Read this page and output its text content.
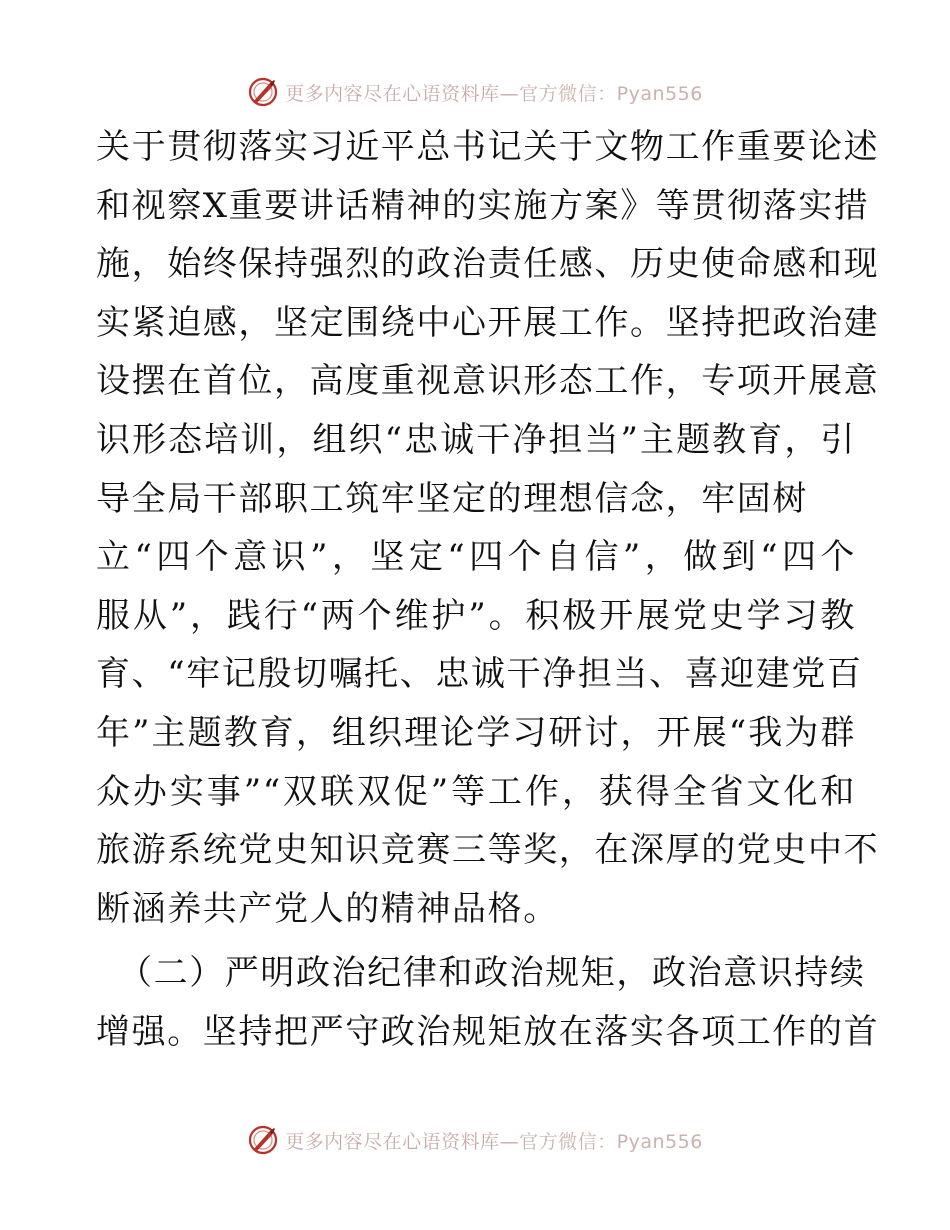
更多内容尽在心语资料库—官方微信：Pyan556
关于贯彻落实习近平总书记关于文物工作重要论述
和视察X重要讲话精神的实施方案》等贯彻落实措
施，始终保持强烈的政治责任感、历史使命感和现
实紧迫感，坚定围绕中心开展工作。坚持把政治建
设摆在首位，高度重视意识形态工作，专项开展意
识形态培训，组织“忠诚干净担当”主题教育，引
导全局干部职工筑牢坚定的理想信念，牢固树
立“四个意识”，坚定“四个自信”，做到“四个
服从”，践行“两个维护”。积极开展党史学习教
育、“牢记殷切嘱托、忠诚干净担当、喜迎建党百
年”主题教育，组织理论学习研讨，开展“我为群
众办实事”“双联双促”等工作，获得全省文化和
旅游系统党史知识竞赛三等奖，在深厚的党史中不
断涵养共产党人的精神品格。
（二）严明政治纪律和政治规矩，政治意识持续
增强。坚持把严守政治规矩放在落实各项工作的首
更多内容尽在心语资料库—官方微信：Pyan556
